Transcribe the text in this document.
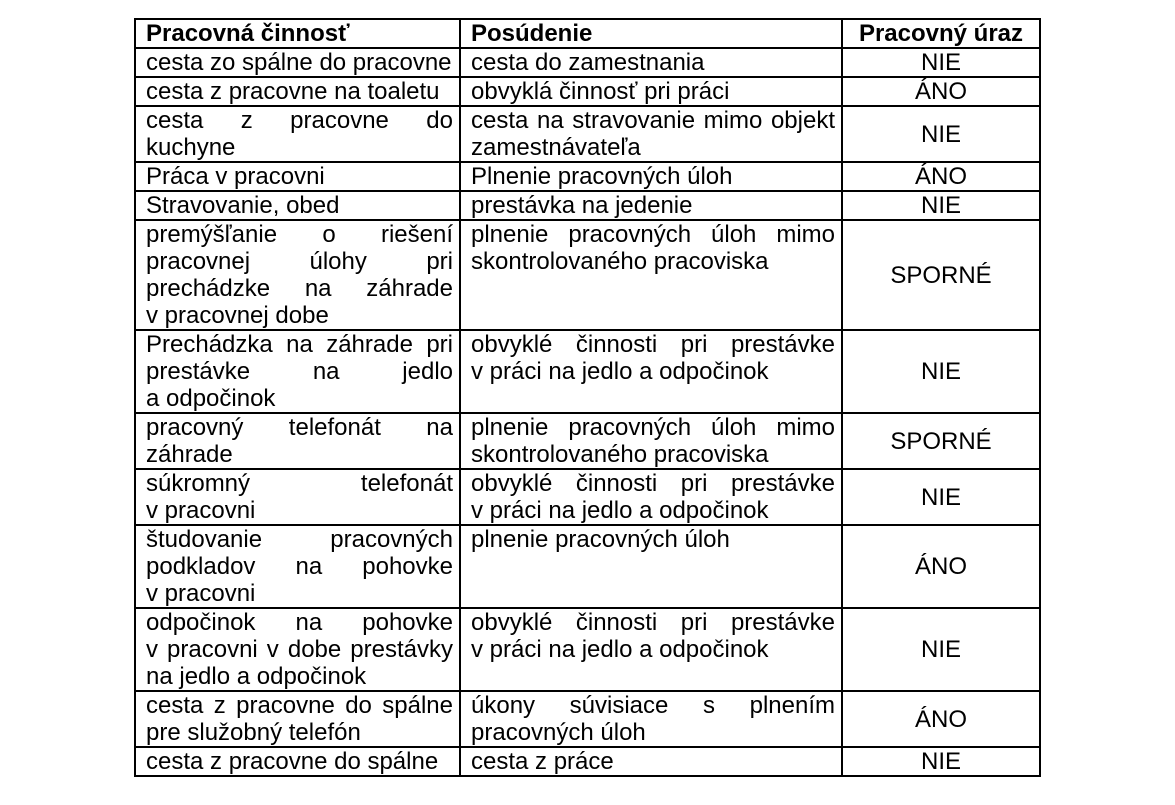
Pracovná činnosť	Posúdenie	Pracovný úraz
cesta zo spálne do pracovne	cesta do zamestnania	NIE
cesta z pracovne na toaletu	obvyklá činnosť pri práci	ÁNO
cesta z pracovne do kuchyne	cesta na stravovanie mimo objekt zamestnávateľa	NIE
Práca v pracovni	Plnenie pracovných úloh	ÁNO
Stravovanie, obed	prestávka na jedenie	NIE
premýšľanie o riešení pracovnej úlohy pri prechádzke na záhrade v pracovnej dobe	plnenie pracovných úloh mimo skontrolovaného pracoviska	SPORNÉ
Prechádzka na záhrade pri prestávke na jedlo a odpočinok	obvyklé činnosti pri prestávke v práci na jedlo a odpočinok	NIE
pracovný telefonát na záhrade	plnenie pracovných úloh mimo skontrolovaného pracoviska	SPORNÉ
súkromný telefonát v pracovni	obvyklé činnosti pri prestávke v práci na jedlo a odpočinok	NIE
študovanie pracovných podkladov na pohovke v pracovni	plnenie pracovných úloh	ÁNO
odpočinok na pohovke v pracovni v dobe prestávky na jedlo a odpočinok	obvyklé činnosti pri prestávke v práci na jedlo a odpočinok	NIE
cesta z pracovne do spálne pre služobný telefón	úkony súvisiace s plnením pracovných úloh	ÁNO
cesta z pracovne do spálne	cesta z práce	NIE
